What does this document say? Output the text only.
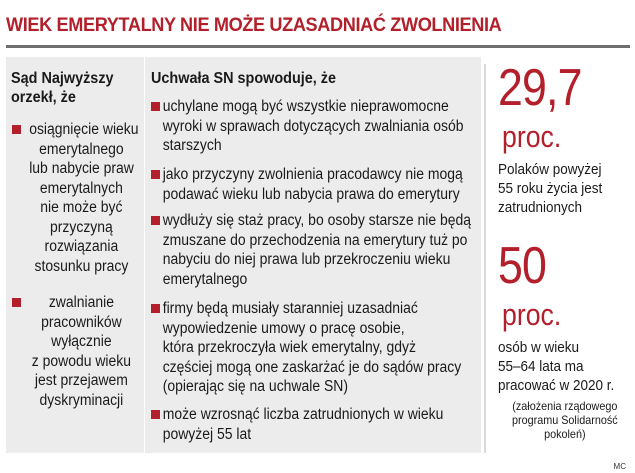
WIEK EMERYTALNY NIE MOŻE UZASADNIAĆ ZWOLNIENIA
Sąd Najwyższy
orzekł, że
osiągnięcie wieku
emerytalnego
lub nabycie praw
emerytalnych
nie może być
przyczyną
rozwiązania
stosunku pracy
zwalnianie
pracowników
wyłącznie
z powodu wieku
jest przejawem
dyskryminacji
Uchwała SN spowoduje, że
uchylane mogą być wszystkie nieprawomocne
wyroki w sprawach dotyczących zwalniania osób
starszych
jako przyczyny zwolnienia pracodawcy nie mogą
podawać wieku lub nabycia prawa do emerytury
wydłuży się staż pracy, bo osoby starsze nie będą
zmuszane do przechodzenia na emerytury tuż po
nabyciu do niej prawa lub przekroczeniu wieku
emerytalnego
firmy będą musiały staranniej uzasadniać
wypowiedzenie umowy o pracę osobie,
która przekroczyła wiek emerytalny, gdyż
częściej mogą one zaskarżać je do sądów pracy
(opierając się na uchwale SN)
może wzrosnąć liczba zatrudnionych w wieku
powyżej 55 lat
29,7
proc.
Polaków powyżej
55 roku życia jest
zatrudnionych
50
proc.
osób w wieku
55–64 lata ma
pracować w 2020 r.
(założenia rządowego
programu Solidarność
pokoleń)
MC
